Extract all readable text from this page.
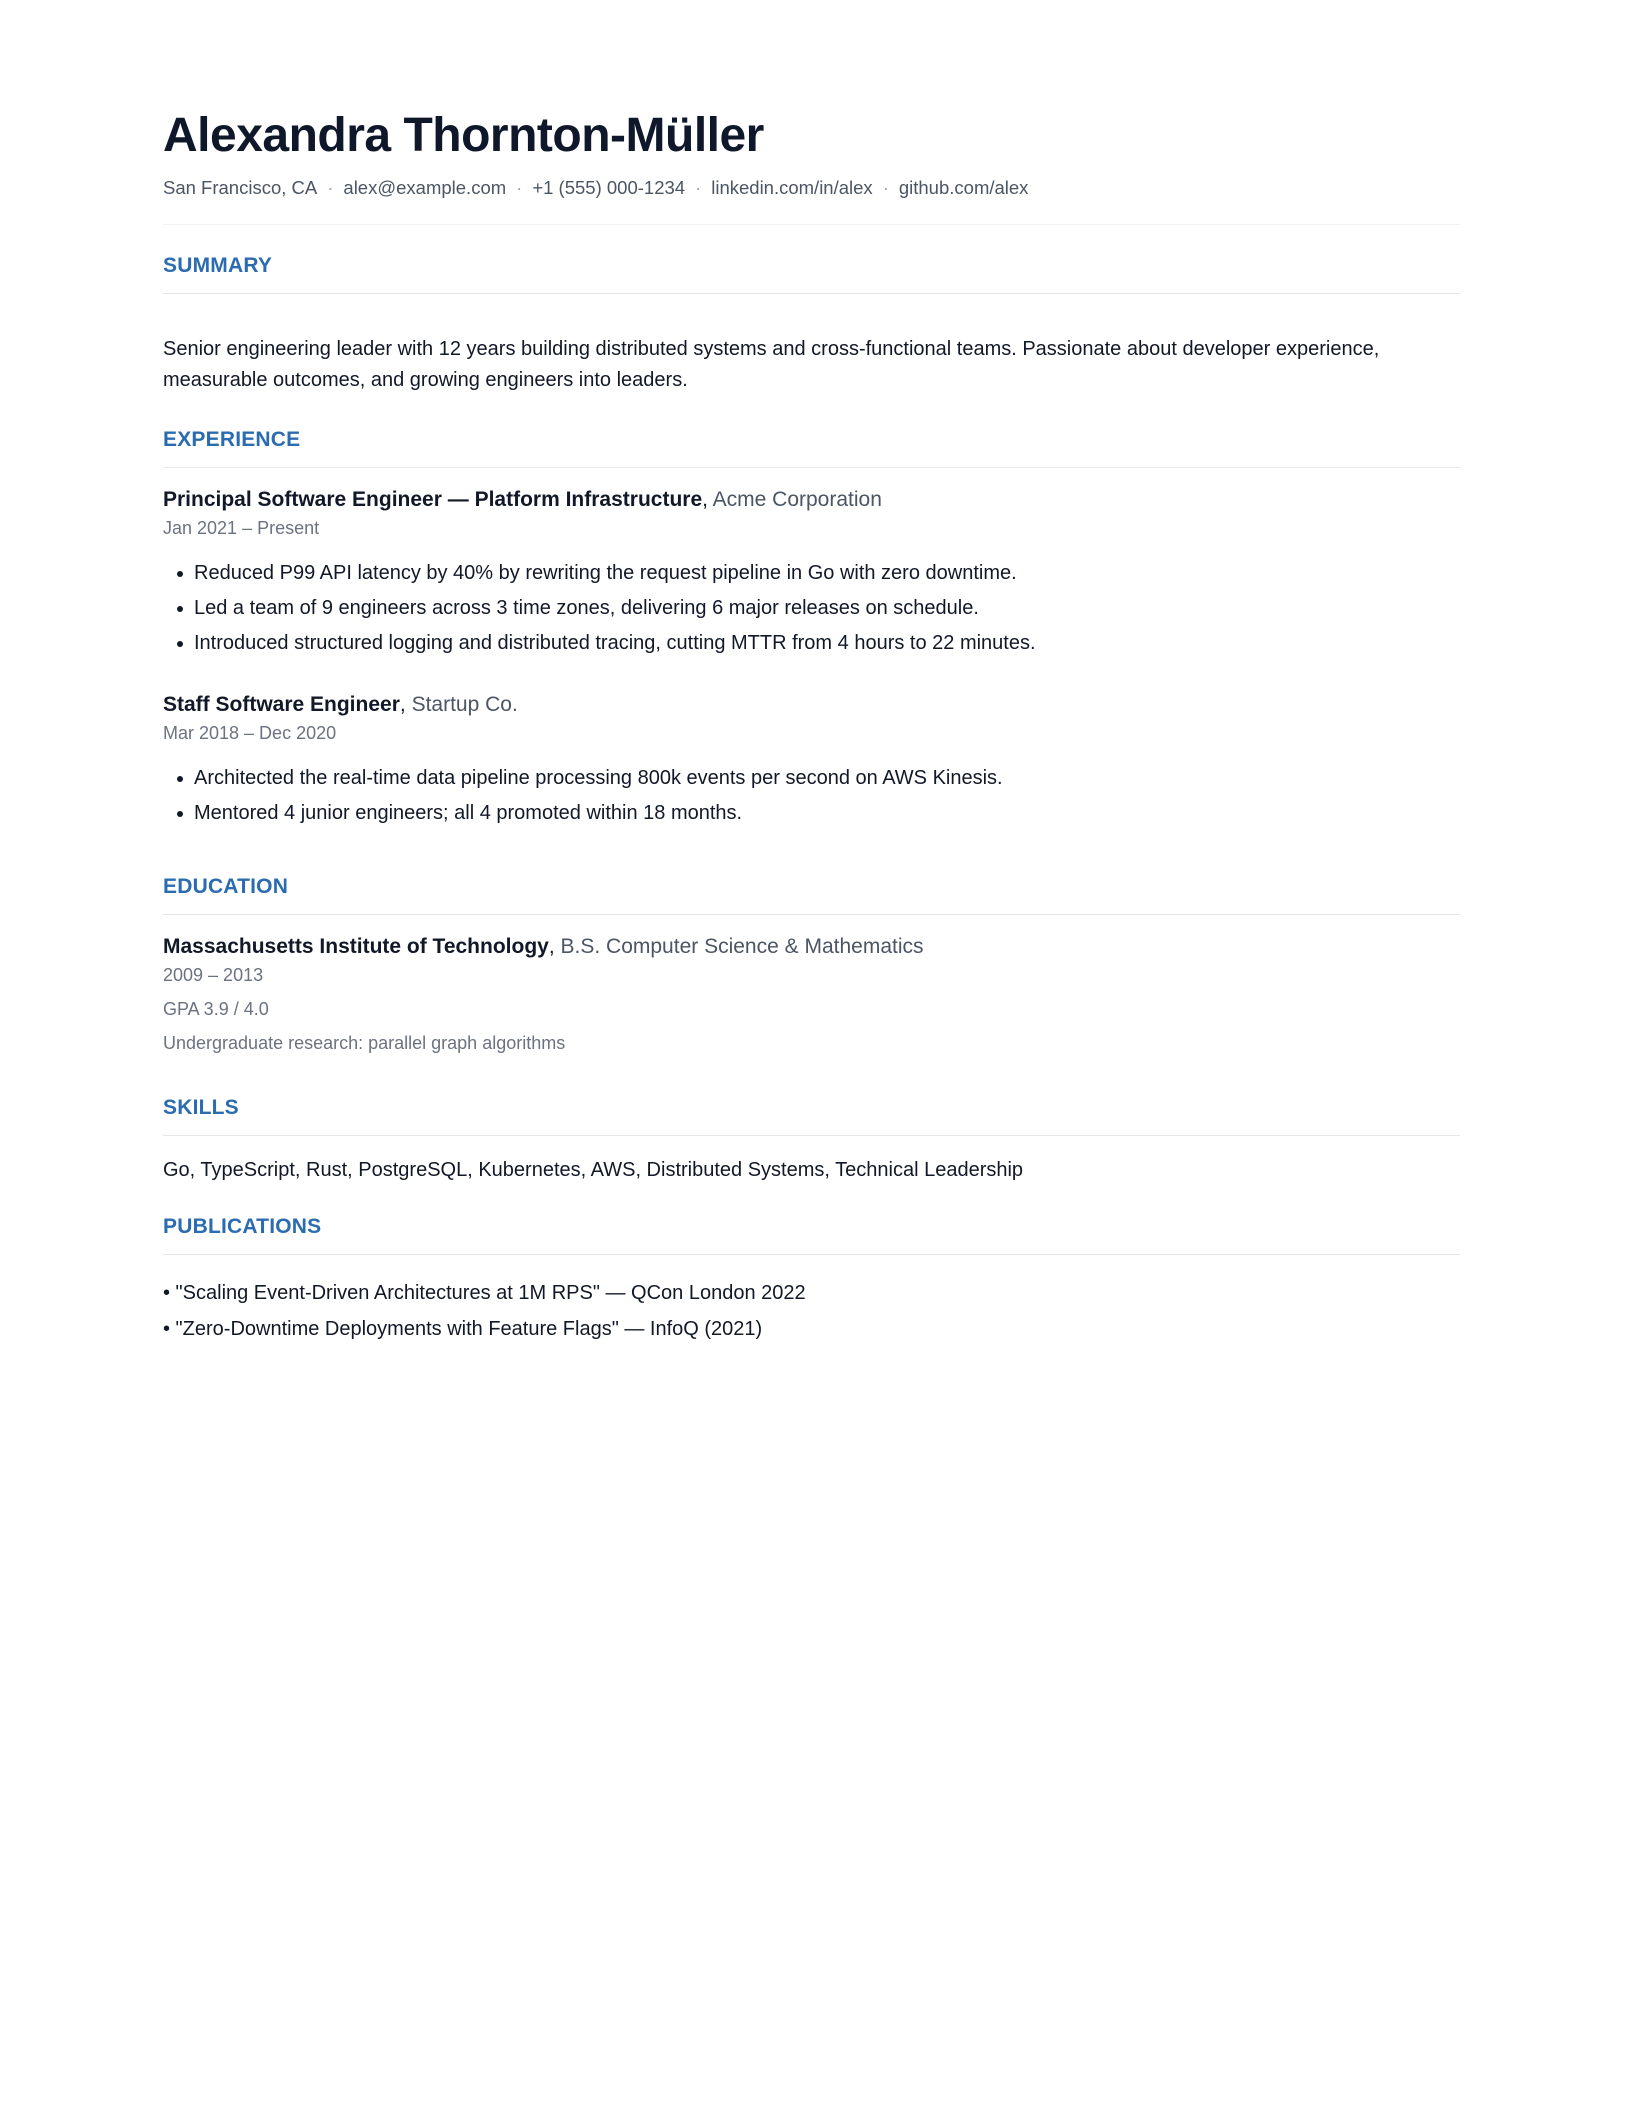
Alexandra Thornton-Müller
San Francisco, CA · alex@example.com · +1 (555) 000-1234 · linkedin.com/in/alex · github.com/alex
SUMMARY
Senior engineering leader with 12 years building distributed systems and cross-functional teams. Passionate about developer experience, measurable outcomes, and growing engineers into leaders.
EXPERIENCE
Principal Software Engineer — Platform Infrastructure, Acme Corporation
Jan 2021 – Present
Reduced P99 API latency by 40% by rewriting the request pipeline in Go with zero downtime.
Led a team of 9 engineers across 3 time zones, delivering 6 major releases on schedule.
Introduced structured logging and distributed tracing, cutting MTTR from 4 hours to 22 minutes.
Staff Software Engineer, Startup Co.
Mar 2018 – Dec 2020
Architected the real-time data pipeline processing 800k events per second on AWS Kinesis.
Mentored 4 junior engineers; all 4 promoted within 18 months.
EDUCATION
Massachusetts Institute of Technology, B.S. Computer Science & Mathematics
2009 – 2013
GPA 3.9 / 4.0
Undergraduate research: parallel graph algorithms
SKILLS
Go, TypeScript, Rust, PostgreSQL, Kubernetes, AWS, Distributed Systems, Technical Leadership
PUBLICATIONS
• "Scaling Event-Driven Architectures at 1M RPS" — QCon London 2022
• "Zero-Downtime Deployments with Feature Flags" — InfoQ (2021)
